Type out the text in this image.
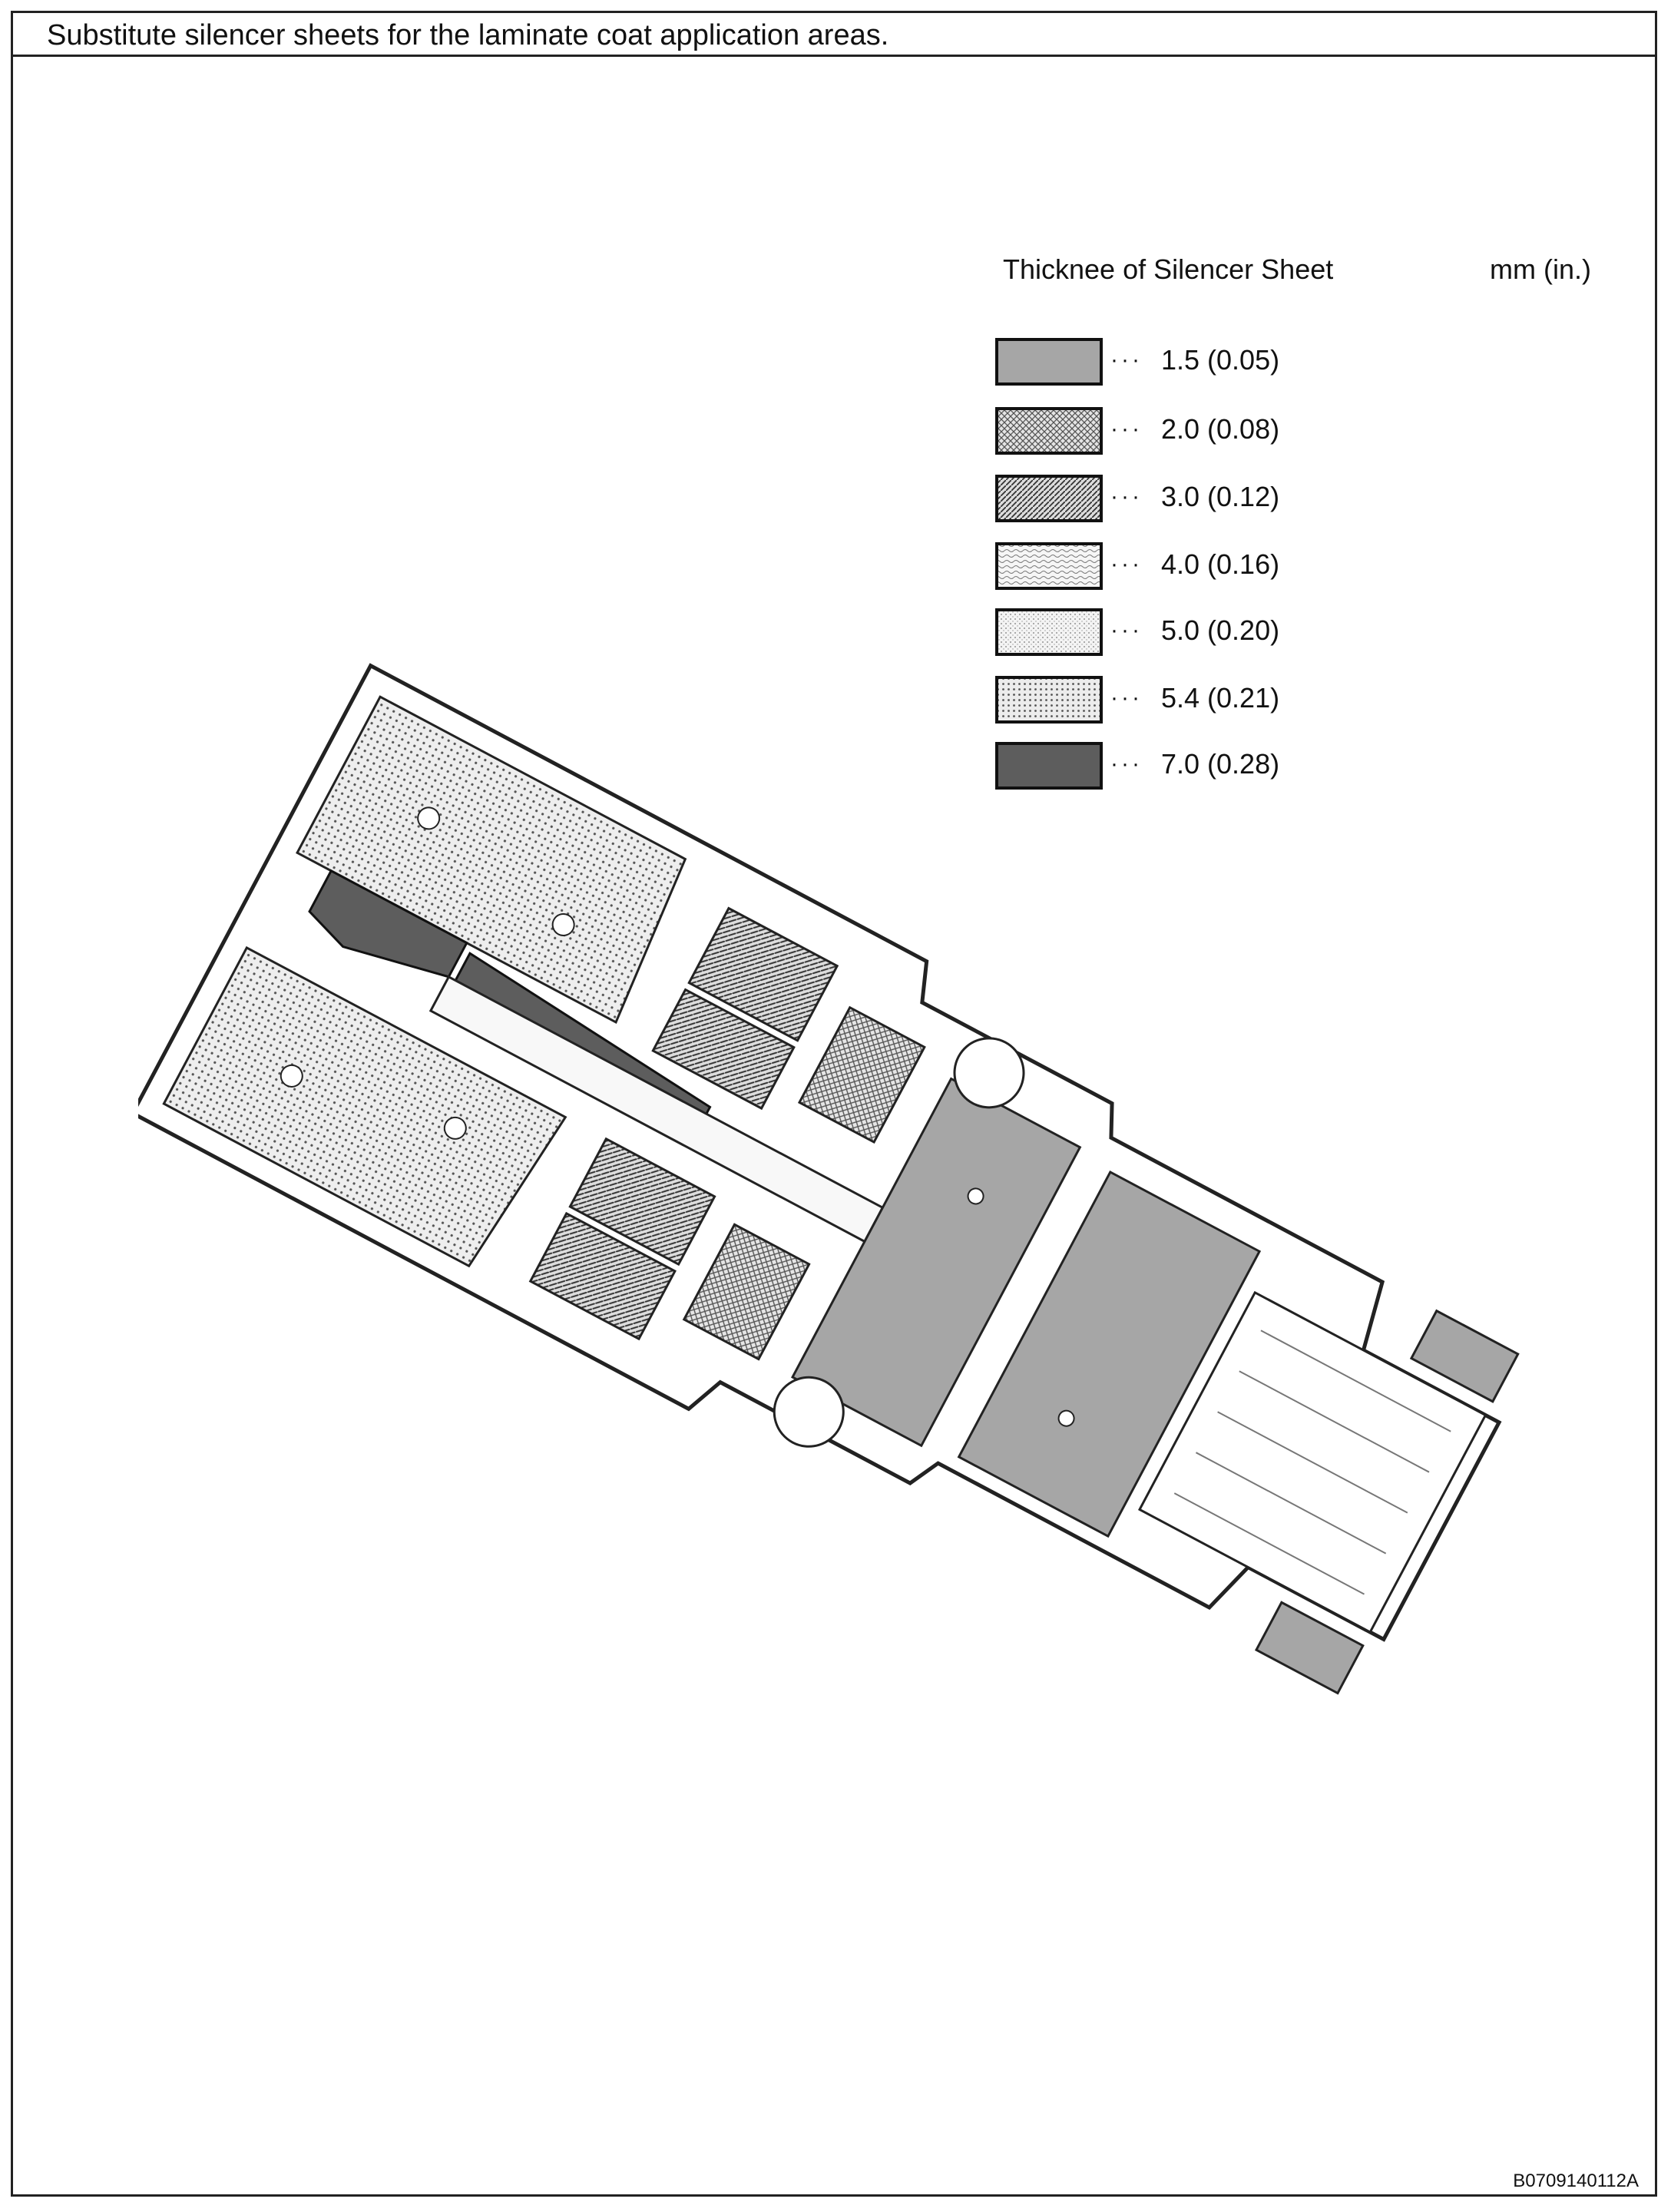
Substitute silencer sheets for the laminate coat application areas.
Thicknee of Silencer Sheet	mm (in.)
··· 1.5 (0.05)
··· 2.0 (0.08)
··· 3.0 (0.12)
··· 4.0 (0.16)
··· 5.0 (0.20)
··· 5.4 (0.21)
··· 7.0 (0.28)
B0709140112A
